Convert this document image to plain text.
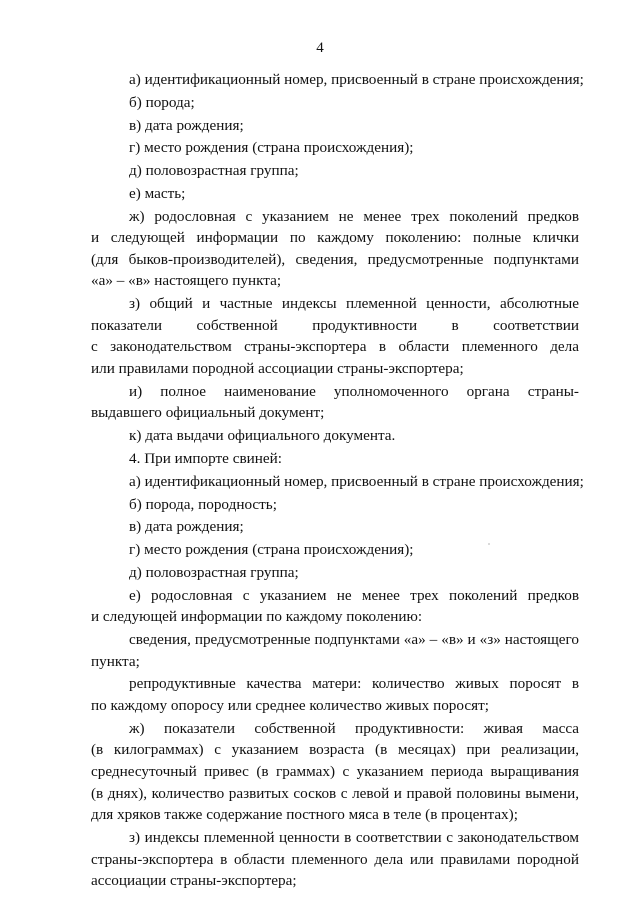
4
а) идентификационный номер, присвоенный в стране происхождения;
б) порода;
в) дата рождения;
г) место рождения (страна происхождения);
д) половозрастная группа;
е) масть;
ж) родословная с указанием не менее трех поколений предков
и следующей информации по каждому поколению: полные клички
(для быков-производителей), сведения, предусмотренные подпунктами
«а» – «в» настоящего пункта;
з) общий и частные индексы племенной ценности, абсолютные
показатели собственной продуктивности в соответствии
с законодательством страны-экспортера в области племенного дела
или правилами породной ассоциации страны-экспортера;
и) полное наименование уполномоченного органа страны-
выдавшего официальный документ;
к) дата выдачи официального документа.
4. При импорте свиней:
а) идентификационный номер, присвоенный в стране происхождения;
б) порода, породность;
в) дата рождения;
г) место рождения (страна происхождения);
д) половозрастная группа;
е) родословная с указанием не менее трех поколений предков
и следующей информации по каждому поколению:
сведения, предусмотренные подпунктами «а» – «в» и «з» настоящего
пункта;
репродуктивные качества матери: количество живых поросят в
по каждому опоросу или среднее количество живых поросят;
ж) показатели собственной продуктивности: живая масса
(в килограммах) с указанием возраста (в месяцах) при реализации,
среднесуточный привес (в граммах) с указанием периода выращивания
(в днях), количество развитых сосков с левой и правой половины вымени,
для хряков также содержание постного мяса в теле (в процентах);
з) индексы племенной ценности в соответствии с законодательством
страны-экспортера в области племенного дела или правилами породной
ассоциации страны-экспортера;
